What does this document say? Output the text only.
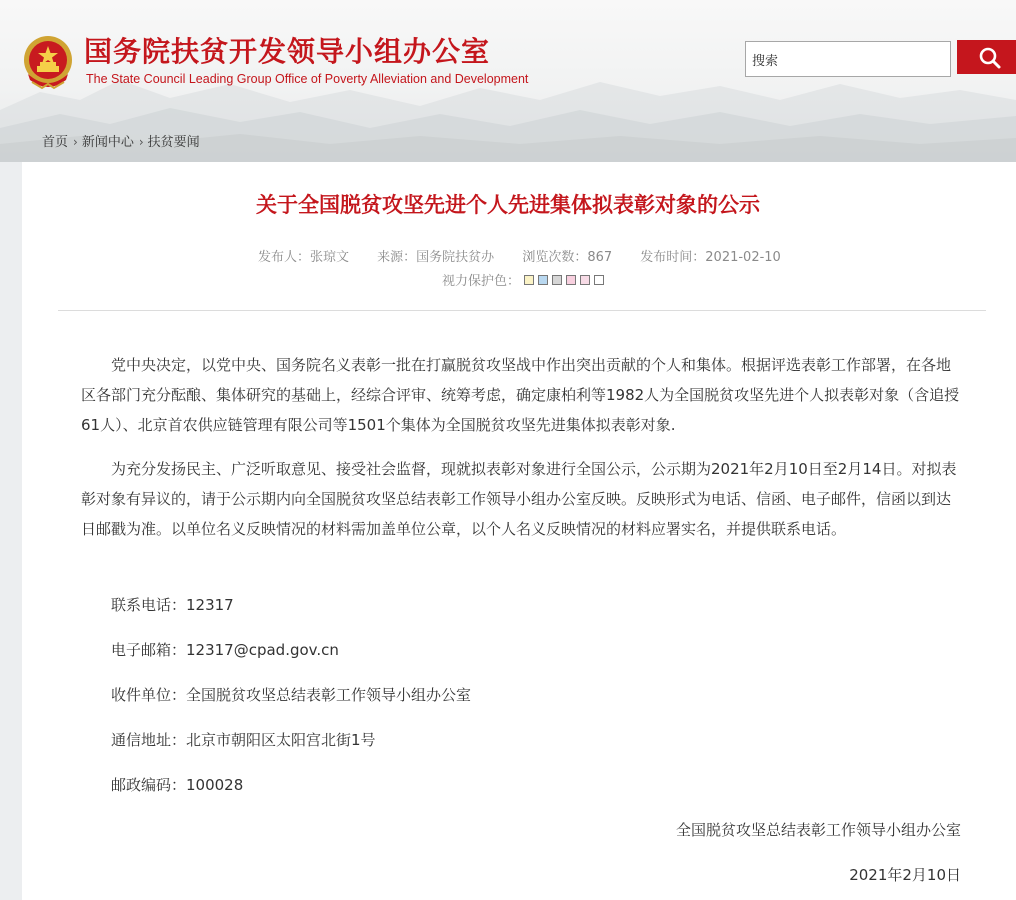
国务院扶贫开发领导小组办公室
The State Council Leading Group Office of Poverty Alleviation and Development
搜索
首页 › 新闻中心 › 扶贫要闻
关于全国脱贫攻坚先进个人先进集体拟表彰对象的公示
发布人：张琼文 来源：国务院扶贫办 浏览次数：867 发布时间：2021-02-10
视力保护色：

党中央决定，以党中央、国务院名义表彰一批在打赢脱贫攻坚战中作出突出贡献的个人和集体。根据评选表彰工作部署，在各地区各部门充分酝酿、集体研究的基础上，经综合评审、统筹考虑，确定康柏利等1982人为全国脱贫攻坚先进个人拟表彰对象（含追授61人）、北京首农供应链管理有限公司等1501个集体为全国脱贫攻坚先进集体拟表彰对象.

为充分发扬民主、广泛听取意见、接受社会监督，现就拟表彰对象进行全国公示，公示期为2021年2月10日至2月14日。对拟表彰对象有异议的，请于公示期内向全国脱贫攻坚总结表彰工作领导小组办公室反映。反映形式为电话、信函、电子邮件，信函以到达日邮戳为准。以单位名义反映情况的材料需加盖单位公章，以个人名义反映情况的材料应署实名，并提供联系电话。

联系电话：12317
电子邮箱：12317@cpad.gov.cn
收件单位：全国脱贫攻坚总结表彰工作领导小组办公室
通信地址：北京市朝阳区太阳宫北街1号
邮政编码：100028
全国脱贫攻坚总结表彰工作领导小组办公室
2021年2月10日
